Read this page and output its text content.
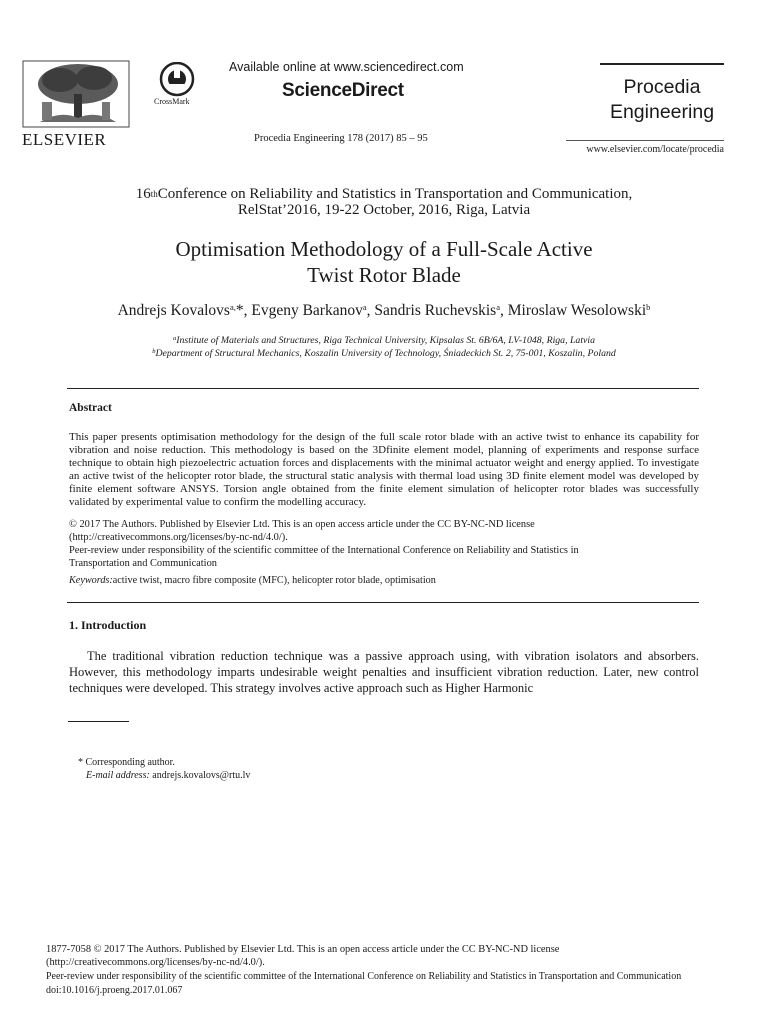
ELSEVIER
CrossMark
Available online at www.sciencedirect.com
ScienceDirect
Procedia Engineering 178 (2017) 85 – 95
Procedia
Engineering
www.elsevier.com/locate/procedia
16thConference on Reliability and Statistics in Transportation and Communication,
RelStat’2016, 19-22 October, 2016, Riga, Latvia
Optimisation Methodology of a Full-Scale Active
Twist Rotor Blade
Andrejs Kovalovs$^{a,}$*, Evgeny Barkanov$^a$, Sandris Ruchevskis$^a$, Miroslaw Wesolowski$^b$
$^a$Institute of Materials and Structures, Riga Technical University, Kipsalas St. 6B/6A, LV-1048, Riga, Latvia
$^b$Department of Structural Mechanics, Koszalin University of Technology, Śniadeckich St. 2, 75-001, Koszalin, Poland
Abstract
This paper presents optimisation methodology for the design of the full scale rotor blade with an active twist to enhance its capability for vibration and noise reduction. This methodology is based on the 3Dfinite element model, planning of experiments and response surface technique to obtain high piezoelectric actuation forces and displacements with the minimal actuator weight and energy applied. To investigate an active twist of the helicopter rotor blade, the structural static analysis with thermal load using 3D finite element model was developed by finite element software ANSYS. Torsion angle obtained from the finite element simulation of helicopter rotor blades was successfully validated by experimental value to confirm the modelling accuracy.
© 2017 The Authors. Published by Elsevier Ltd. This is an open access article under the CC BY-NC-ND license
(http://creativecommons.org/licenses/by-nc-nd/4.0/).
Peer-review under responsibility of the scientific committee of the International Conference on Reliability and Statistics in
Transportation and Communication
Keywords:active twist, macro fibre composite (MFC), helicopter rotor blade, optimisation
1. Introduction
The traditional vibration reduction technique was a passive approach using, with vibration isolators and absorbers. However, this methodology imparts undesirable weight penalties and insufficient vibration reduction. Later, new control techniques were developed. This strategy involves active approach such as Higher Harmonic
* Corresponding author.
E-mail address: andrejs.kovalovs@rtu.lv
1877-7058 © 2017 The Authors. Published by Elsevier Ltd. This is an open access article under the CC BY-NC-ND license
(http://creativecommons.org/licenses/by-nc-nd/4.0/).
Peer-review under responsibility of the scientific committee of the International Conference on Reliability and Statistics in Transportation and Communication
doi:10.1016/j.proeng.2017.01.067
